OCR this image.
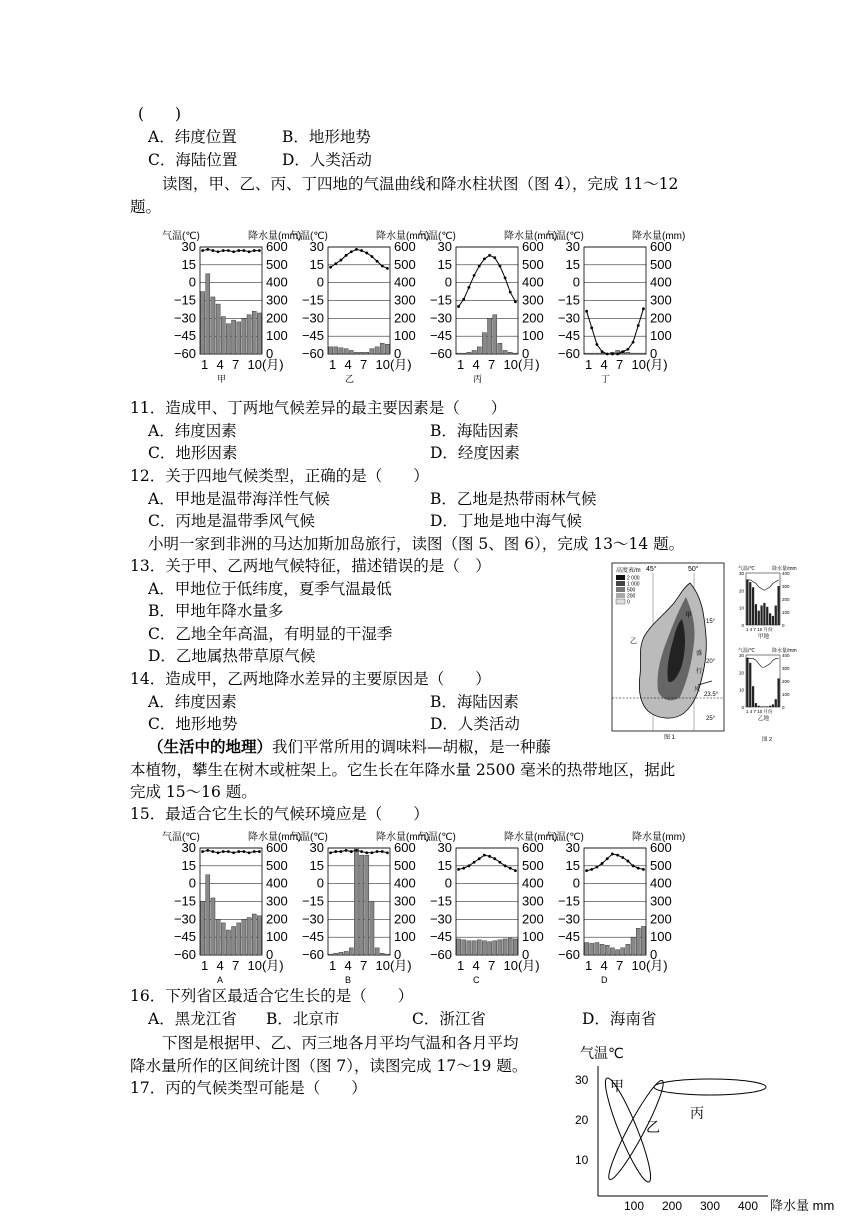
(　　)
A．纬度位置	B．地形地势
C．海陆位置	D．人类活动
读图，甲、乙、丙、丁四地的气温曲线和降水柱状图（图 4），完成 11～12
题。
气温(℃)	降水量(mm)
30	600
15	500
0	400
−15	300
−30	200
−45	100
−60	0
1 4 7 10(月)
甲
气温(℃)	降水量(mm)
30	600
15	500
0	400
−15	300
−30	200
−45	100
−60	0
1 4 7 10(月)
乙
气温(℃)	降水量(mm)
30	600
15	500
0	400
−15	300
−30	200
−45	100
−60	0
1 4 7 10(月)
丙
气温(℃)	降水量(mm)
30	600
15	500
0	400
−15	300
−30	200
−45	100
−60	0
1 4 7 10(月)
丁
11．造成甲、丁两地气候差异的最主要因素是（　　）
A．纬度因素	B．海陆因素
C．地形因素	D．经度因素
12．关于四地气候类型，正确的是（　　）
A．甲地是温带海洋性气候	B．乙地是热带雨林气候
C．丙地是温带季风气候	D．丁地是地中海气候
小明一家到非洲的马达加斯加岛旅行，读图（图 5、图 6），完成 13～14 题。
13．关于甲、乙两地气候特征，描述错误的是（　）
A．甲地位于低纬度，夏季气温最低
B．甲地年降水量多
C．乙地全年高温，有明显的干湿季
D．乙地属热带草原气候
14．造成甲，乙两地降水差异的主要原因是（　　）
A．纬度因素	B．海陆因素
C．地形地势	D．人类活动
高度表/m
2 000
1 000
500
200
0
45°	50°
15°
20°
23.5°
25°
甲
乙
盛
行
风
图 1
气温/℃	降水量/mm
30
20
10
0
400
300
200
100
0
1 4 7 10 月份
甲地
气温/℃	降水量/mm
30
20
10
0
400
300
200
100
0
1 4 7 10 月份
乙地
图 2
（生活中的地理）我们平常所用的调味料—胡椒，是一种藤
本植物，攀生在树木或桩架上。它生长在年降水量 2500 毫米的热带地区，据此
完成 15～16 题。
15．最适合它生长的气候环境应是（　　）
气温(℃)	降水量(mm)
30	600
15	500
0	400
−15	300
−30	200
−45	100
−60	0
1 4 7 10(月)
A
气温(℃)	降水量(mm)
30	600
15	500
0	400
−15	300
−30	200
−45	100
−60	0
1 4 7 10(月)
B
气温(℃)	降水量(mm)
30	600
15	500
0	400
−15	300
−30	200
−45	100
−60	0
1 4 7 10(月)
C
气温(℃)	降水量(mm)
30	600
15	500
0	400
−15	300
−30	200
−45	100
−60	0
1 4 7 10(月)
D
16．下列省区最适合它生长的是（　　）
A．黑龙江省 B．北京市	C．浙江省	D．海南省
下图是根据甲、乙、丙三地各月平均气温和各月平均
降水量所作的区间统计图（图 7），读图完成 17～19 题。
17．丙的气候类型可能是（　　）
气温℃
30
20
10
100 200 300 400 降水量 mm
甲
乙
丙
